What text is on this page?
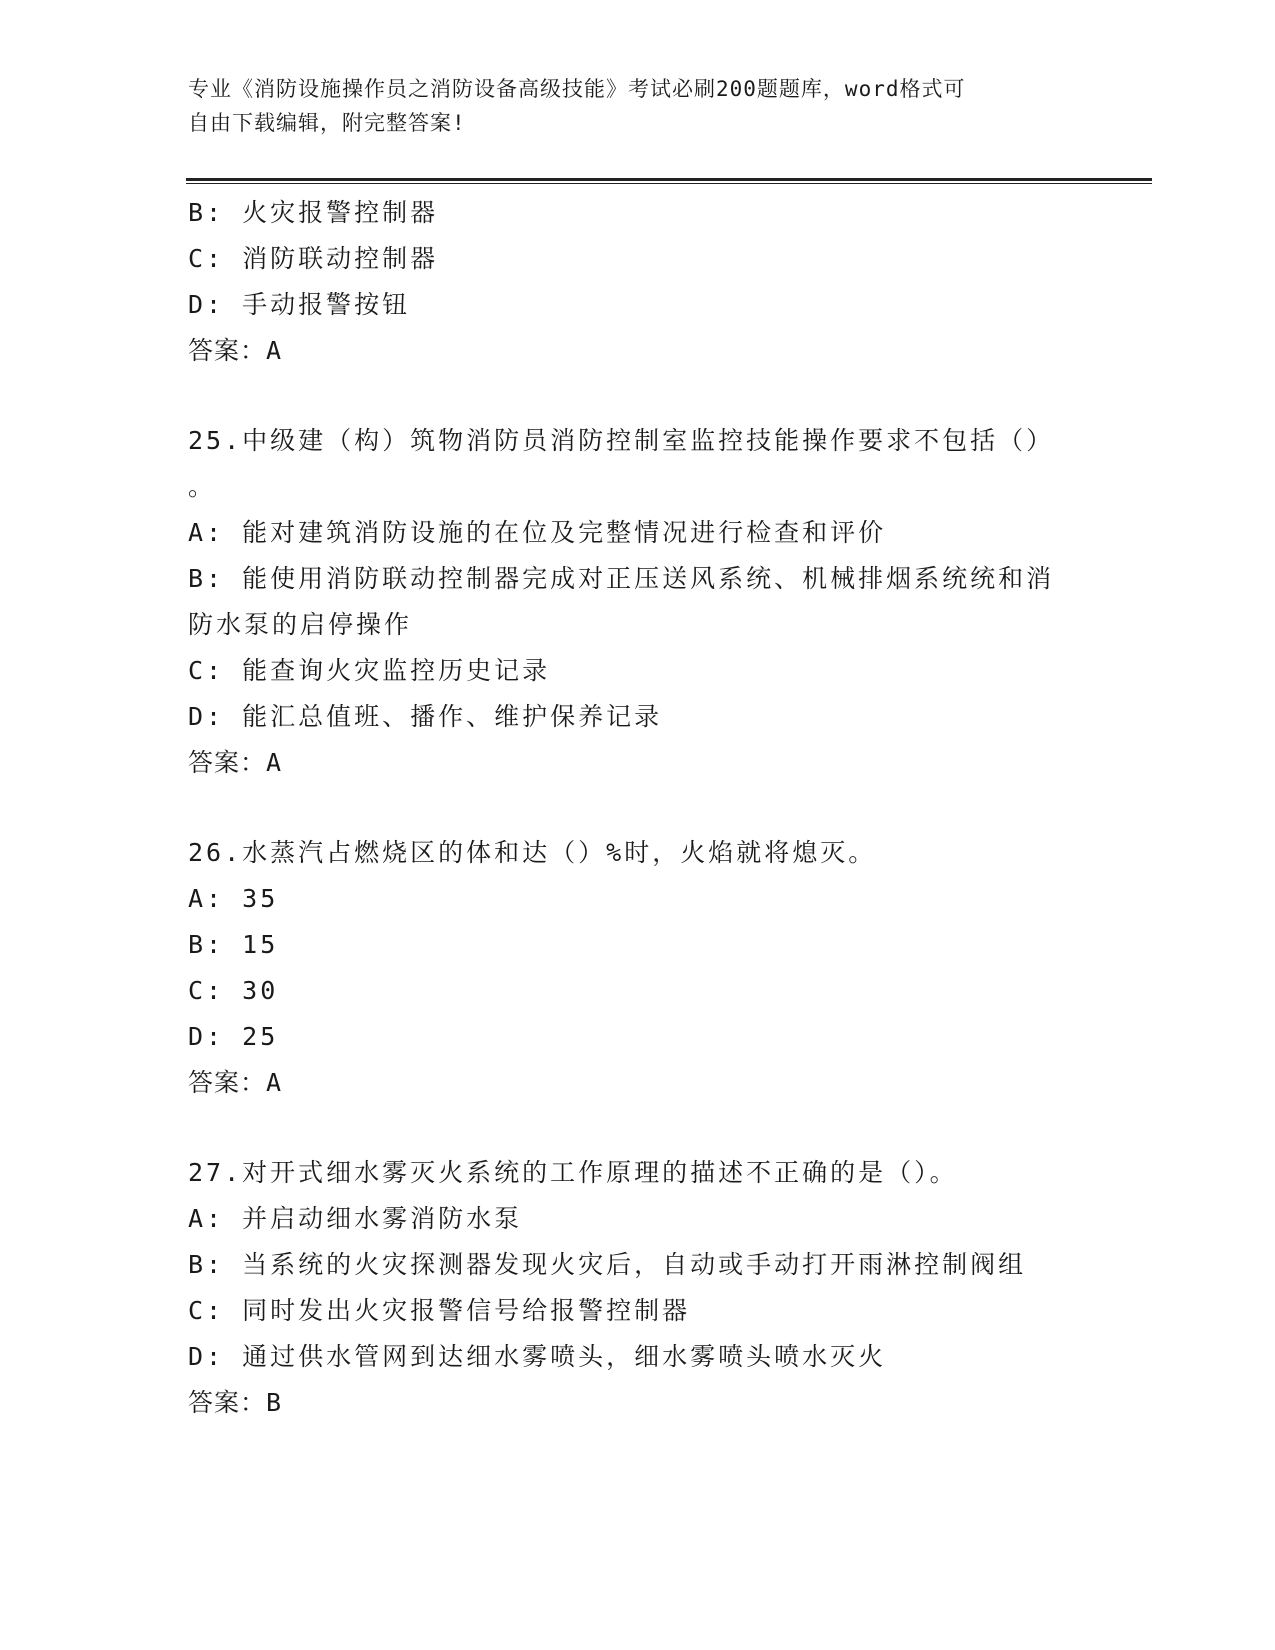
专业《消防设施操作员之消防设备高级技能》考试必刷200题题库，word格式可
自由下载编辑，附完整答案!
B: 火灾报警控制器
C: 消防联动控制器
D: 手动报警按钮
答案：A
25.中级建（构）筑物消防员消防控制室监控技能操作要求不包括（）
。
A: 能对建筑消防设施的在位及完整情况进行检查和评价
B: 能使用消防联动控制器完成对正压送风系统、机械排烟系统统和消
防水泵的启停操作
C: 能查询火灾监控历史记录
D: 能汇总值班、播作、维护保养记录
答案：A
26.水蒸汽占燃烧区的体和达（）%时，火焰就将熄灭。
A: 35
B: 15
C: 30
D: 25
答案：A
27.对开式细水雾灭火系统的工作原理的描述不正确的是（）。
A: 并启动细水雾消防水泵
B: 当系统的火灾探测器发现火灾后，自动或手动打开雨淋控制阀组
C: 同时发出火灾报警信号给报警控制器
D: 通过供水管网到达细水雾喷头，细水雾喷头喷水灭火
答案：B
